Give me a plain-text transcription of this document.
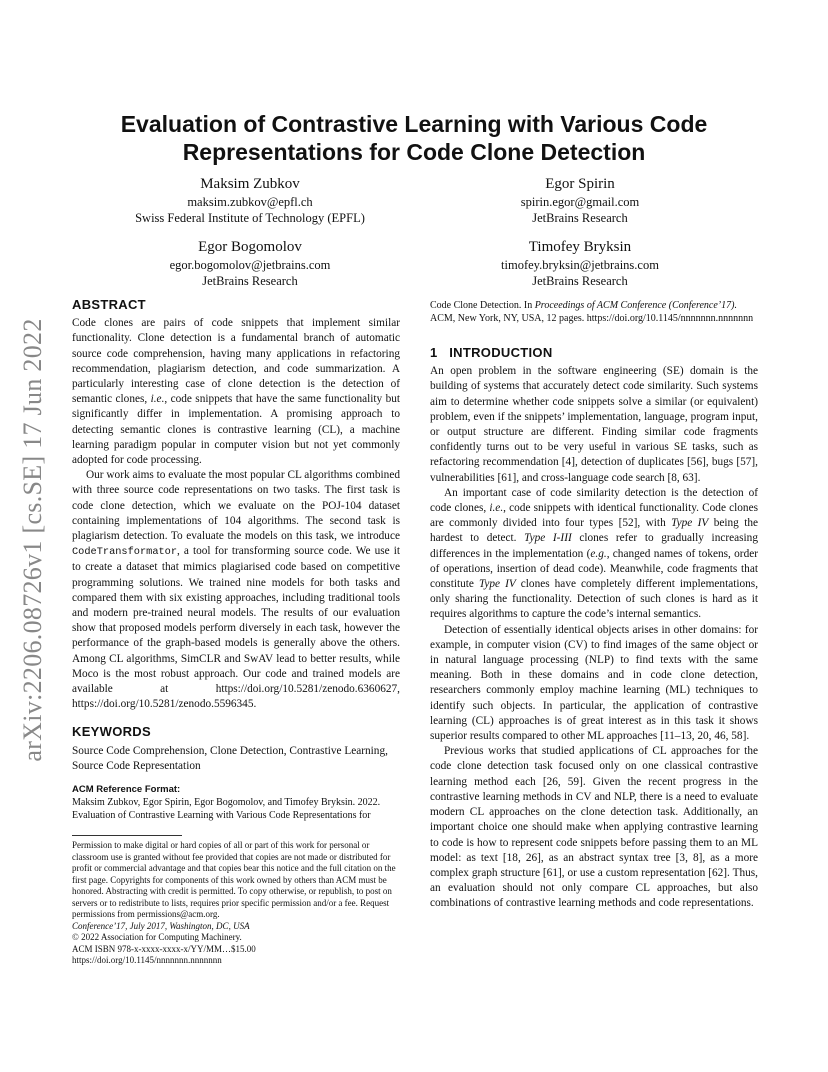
arXiv:2206.08726v1 [cs.SE] 17 Jun 2022
Evaluation of Contrastive Learning with Various Code Representations for Code Clone Detection
Maksim Zubkov
maksim.zubkov@epfl.ch
Swiss Federal Institute of Technology (EPFL)
Egor Spirin
spirin.egor@gmail.com
JetBrains Research
Egor Bogomolov
egor.bogomolov@jetbrains.com
JetBrains Research
Timofey Bryksin
timofey.bryksin@jetbrains.com
JetBrains Research
ABSTRACT

Code clones are pairs of code snippets that implement similar functionality. Clone detection is a fundamental branch of automatic source code comprehension, having many applications in refactoring recommendation, plagiarism detection, and code summarization. A particularly interesting case of clone detection is the detection of semantic clones, i.e., code snippets that have the same functionality but significantly differ in implementation. A promising approach to detecting semantic clones is contrastive learning (CL), a machine learning paradigm popular in computer vision but not yet commonly adopted for code processing.

Our work aims to evaluate the most popular CL algorithms combined with three source code representations on two tasks. The first task is code clone detection, which we evaluate on the POJ-104 dataset containing implementations of 104 algorithms. The second task is plagiarism detection. To evaluate the models on this task, we introduce CodeTransformator, a tool for transforming source code. We use it to create a dataset that mimics plagiarised code based on competitive programming solutions. We trained nine models for both tasks and compared them with six existing approaches, including traditional tools and modern pre-trained neural models. The results of our evaluation show that proposed models perform diversely in each task, however the performance of the graph-based models is generally above the others. Among CL algorithms, SimCLR and SwAV lead to better results, while Moco is the most robust approach. Our code and trained models are available at https://doi.org/10.5281/zenodo.6360627, https://doi.org/10.5281/zenodo.5596345.

KEYWORDS

Source Code Comprehension, Clone Detection, Contrastive Learning, Source Code Representation

ACM Reference Format:

Maksim Zubkov, Egor Spirin, Egor Bogomolov, and Timofey Bryksin. 2022. Evaluation of Contrastive Learning with Various Code Representations for

Permission to make digital or hard copies of all or part of this work for personal or classroom use is granted without fee provided that copies are not made or distributed for profit or commercial advantage and that copies bear this notice and the full citation on the first page. Copyrights for components of this work owned by others than ACM must be honored. Abstracting with credit is permitted. To copy otherwise, or republish, to post on servers or to redistribute to lists, requires prior specific permission and/or a fee. Request permissions from permissions@acm.org.
Conference’17, July 2017, Washington, DC, USA
© 2022 Association for Computing Machinery.
ACM ISBN 978-x-xxxx-xxxx-x/YY/MM…$15.00
https://doi.org/10.1145/nnnnnnn.nnnnnnn

Code Clone Detection. In Proceedings of ACM Conference (Conference’17). ACM, New York, NY, USA, 12 pages. https://doi.org/10.1145/nnnnnnn.nnnnnnn

1   INTRODUCTION

An open problem in the software engineering (SE) domain is the building of systems that accurately detect code similarity. Such systems aim to determine whether code snippets solve a similar (or equivalent) problem, even if the snippets’ implementation, language, program input, or output structure are different. Finding similar code fragments confidently turns out to be very useful in various SE tasks, such as refactoring recommendation [4], detection of duplicates [56], bugs [57], vulnerabilities [61], and cross-language code search [8, 63].

An important case of code similarity detection is the detection of code clones, i.e., code snippets with identical functionality. Code clones are commonly divided into four types [52], with Type IV being the hardest to detect. Type I-III clones refer to gradually increasing differences in the implementation (e.g., changed names of tokens, order of operations, insertion of dead code). Meanwhile, code fragments that constitute Type IV clones have completely different implementations, only sharing the functionality. Detection of such clones is hard as it requires algorithms to capture the code’s internal semantics.

Detection of essentially identical objects arises in other domains: for example, in computer vision (CV) to find images of the same object or in natural language processing (NLP) to find texts with the same meaning. Both in these domains and in code clone detection, researchers commonly employ machine learning (ML) techniques to identify such objects. In particular, the application of contrastive learning (CL) approaches is of great interest as in this task it shows superior results compared to other ML approaches [11–13, 20, 46, 58].

Previous works that studied applications of CL approaches for the code clone detection task focused only on one classical contrastive learning method each [26, 59]. Given the recent progress in the contrastive learning methods in CV and NLP, there is a need to evaluate modern CL approaches on the clone detection task. Additionally, an important choice one should make when applying contrastive learning to code is how to represent code snippets before passing them to an ML model: as text [18, 26], as an abstract syntax tree [3, 8], as a more complex graph structure [61], or use a custom representation [62]. Thus, an evaluation should not only compare CL approaches, but also combinations of contrastive learning methods and code representations.
